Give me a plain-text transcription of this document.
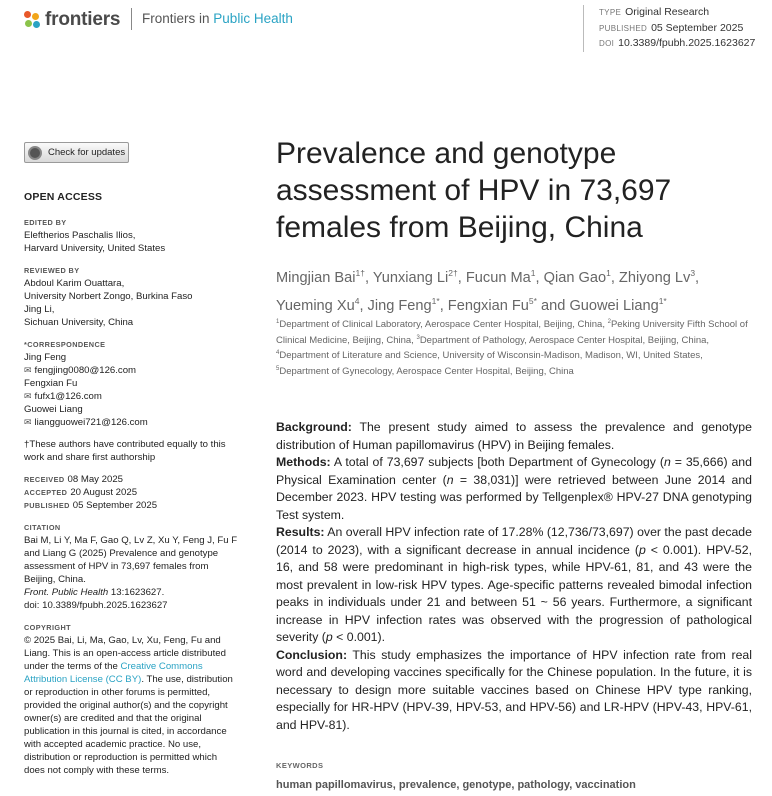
frontiers	Frontiers in Public Health	TYPE Original Research
PUBLISHED 05 September 2025
DOI 10.3389/fpubh.2025.1623627
Check for updates
OPEN ACCESS
EDITED BY
Eleftherios Paschalis Ilios,
Harvard University, United States
REVIEWED BY
Abdoul Karim Ouattara,
University Norbert Zongo, Burkina Faso
Jing Li,
Sichuan University, China
*CORRESPONDENCE
Jing Feng
✉ fengjing0080@126.com
Fengxian Fu
✉ fufx1@126.com
Guowei Liang
✉ liangguowei721@126.com
†These authors have contributed equally to this work and share first authorship
RECEIVED 08 May 2025
ACCEPTED 20 August 2025
PUBLISHED 05 September 2025
CITATION
Bai M, Li Y, Ma F, Gao Q, Lv Z, Xu Y, Feng J, Fu F and Liang G (2025) Prevalence and genotype assessment of HPV in 73,697 females from Beijing, China.
Front. Public Health 13:1623627.
doi: 10.3389/fpubh.2025.1623627
COPYRIGHT
© 2025 Bai, Li, Ma, Gao, Lv, Xu, Feng, Fu and Liang. This is an open-access article distributed under the terms of the Creative Commons Attribution License (CC BY). The use, distribution or reproduction in other forums is permitted, provided the original author(s) and the copyright owner(s) are credited and that the original publication in this journal is cited, in accordance with accepted academic practice. No use, distribution or reproduction is permitted which does not comply with these terms.
Prevalence and genotype assessment of HPV in 73,697 females from Beijing, China
Mingjian Bai$^{1\dagger}$, Yunxiang $Li^{2\dagger}$, Fucun Ma$^1$, Qian Gao$^1$, Zhiyong Lv$^3$, Yueming Xu$^4$, Jing Feng$^{1*}$, Fengxian $Fu^{5*}$ and Guowei Liang$^{1*}$
$^1$Department of Clinical Laboratory, Aerospace Center Hospital, Beijing, China, $^2$Peking University Fifth School of Clinical Medicine, Beijing, China, $^3$Department of Pathology, Aerospace Center Hospital, Beijing, China, $^4$Department of Literature and Science, University of Wisconsin-Madison, Madison, WI, United States, $^5$Department of Gynecology, Aerospace Center Hospital, Beijing, China

Background: The present study aimed to assess the prevalence and genotype distribution of Human papillomavirus (HPV) in Beijing females.

Methods: A total of 73,697 subjects [both Department of Gynecology (n = 35,666) and Physical Examination center (n = 38,031)] were retrieved between June 2014 and December 2023. HPV testing was performed by Tellgenplex® HPV-27 DNA genotyping Test system.

Results: An overall HPV infection rate of 17.28% (12,736/73,697) over the past decade (2014 to 2023), with a significant decrease in annual incidence (p < 0.001). HPV-52, 16, and 58 were predominant in high-risk types, while HPV-61, 81, and 43 were the most prevalent in low-risk HPV types. Age-specific patterns revealed bimodal infection peaks in individuals under 21 and between 51 ~ 56 years. Furthermore, a significant increase in HPV infection rates was observed with the progression of pathological severity (p < 0.001).

Conclusion: This study emphasizes the importance of HPV infection rate from real word and developing vaccines specifically for the Chinese population. In the future, it is necessary to design more suitable vaccines based on Chinese HPV type ranking, especially for HR-HPV (HPV-39, HPV-53, and HPV-56) and LR-HPV (HPV-43, HPV-61, and HPV-81).

KEYWORDS
human papillomavirus, prevalence, genotype, pathology, vaccination
